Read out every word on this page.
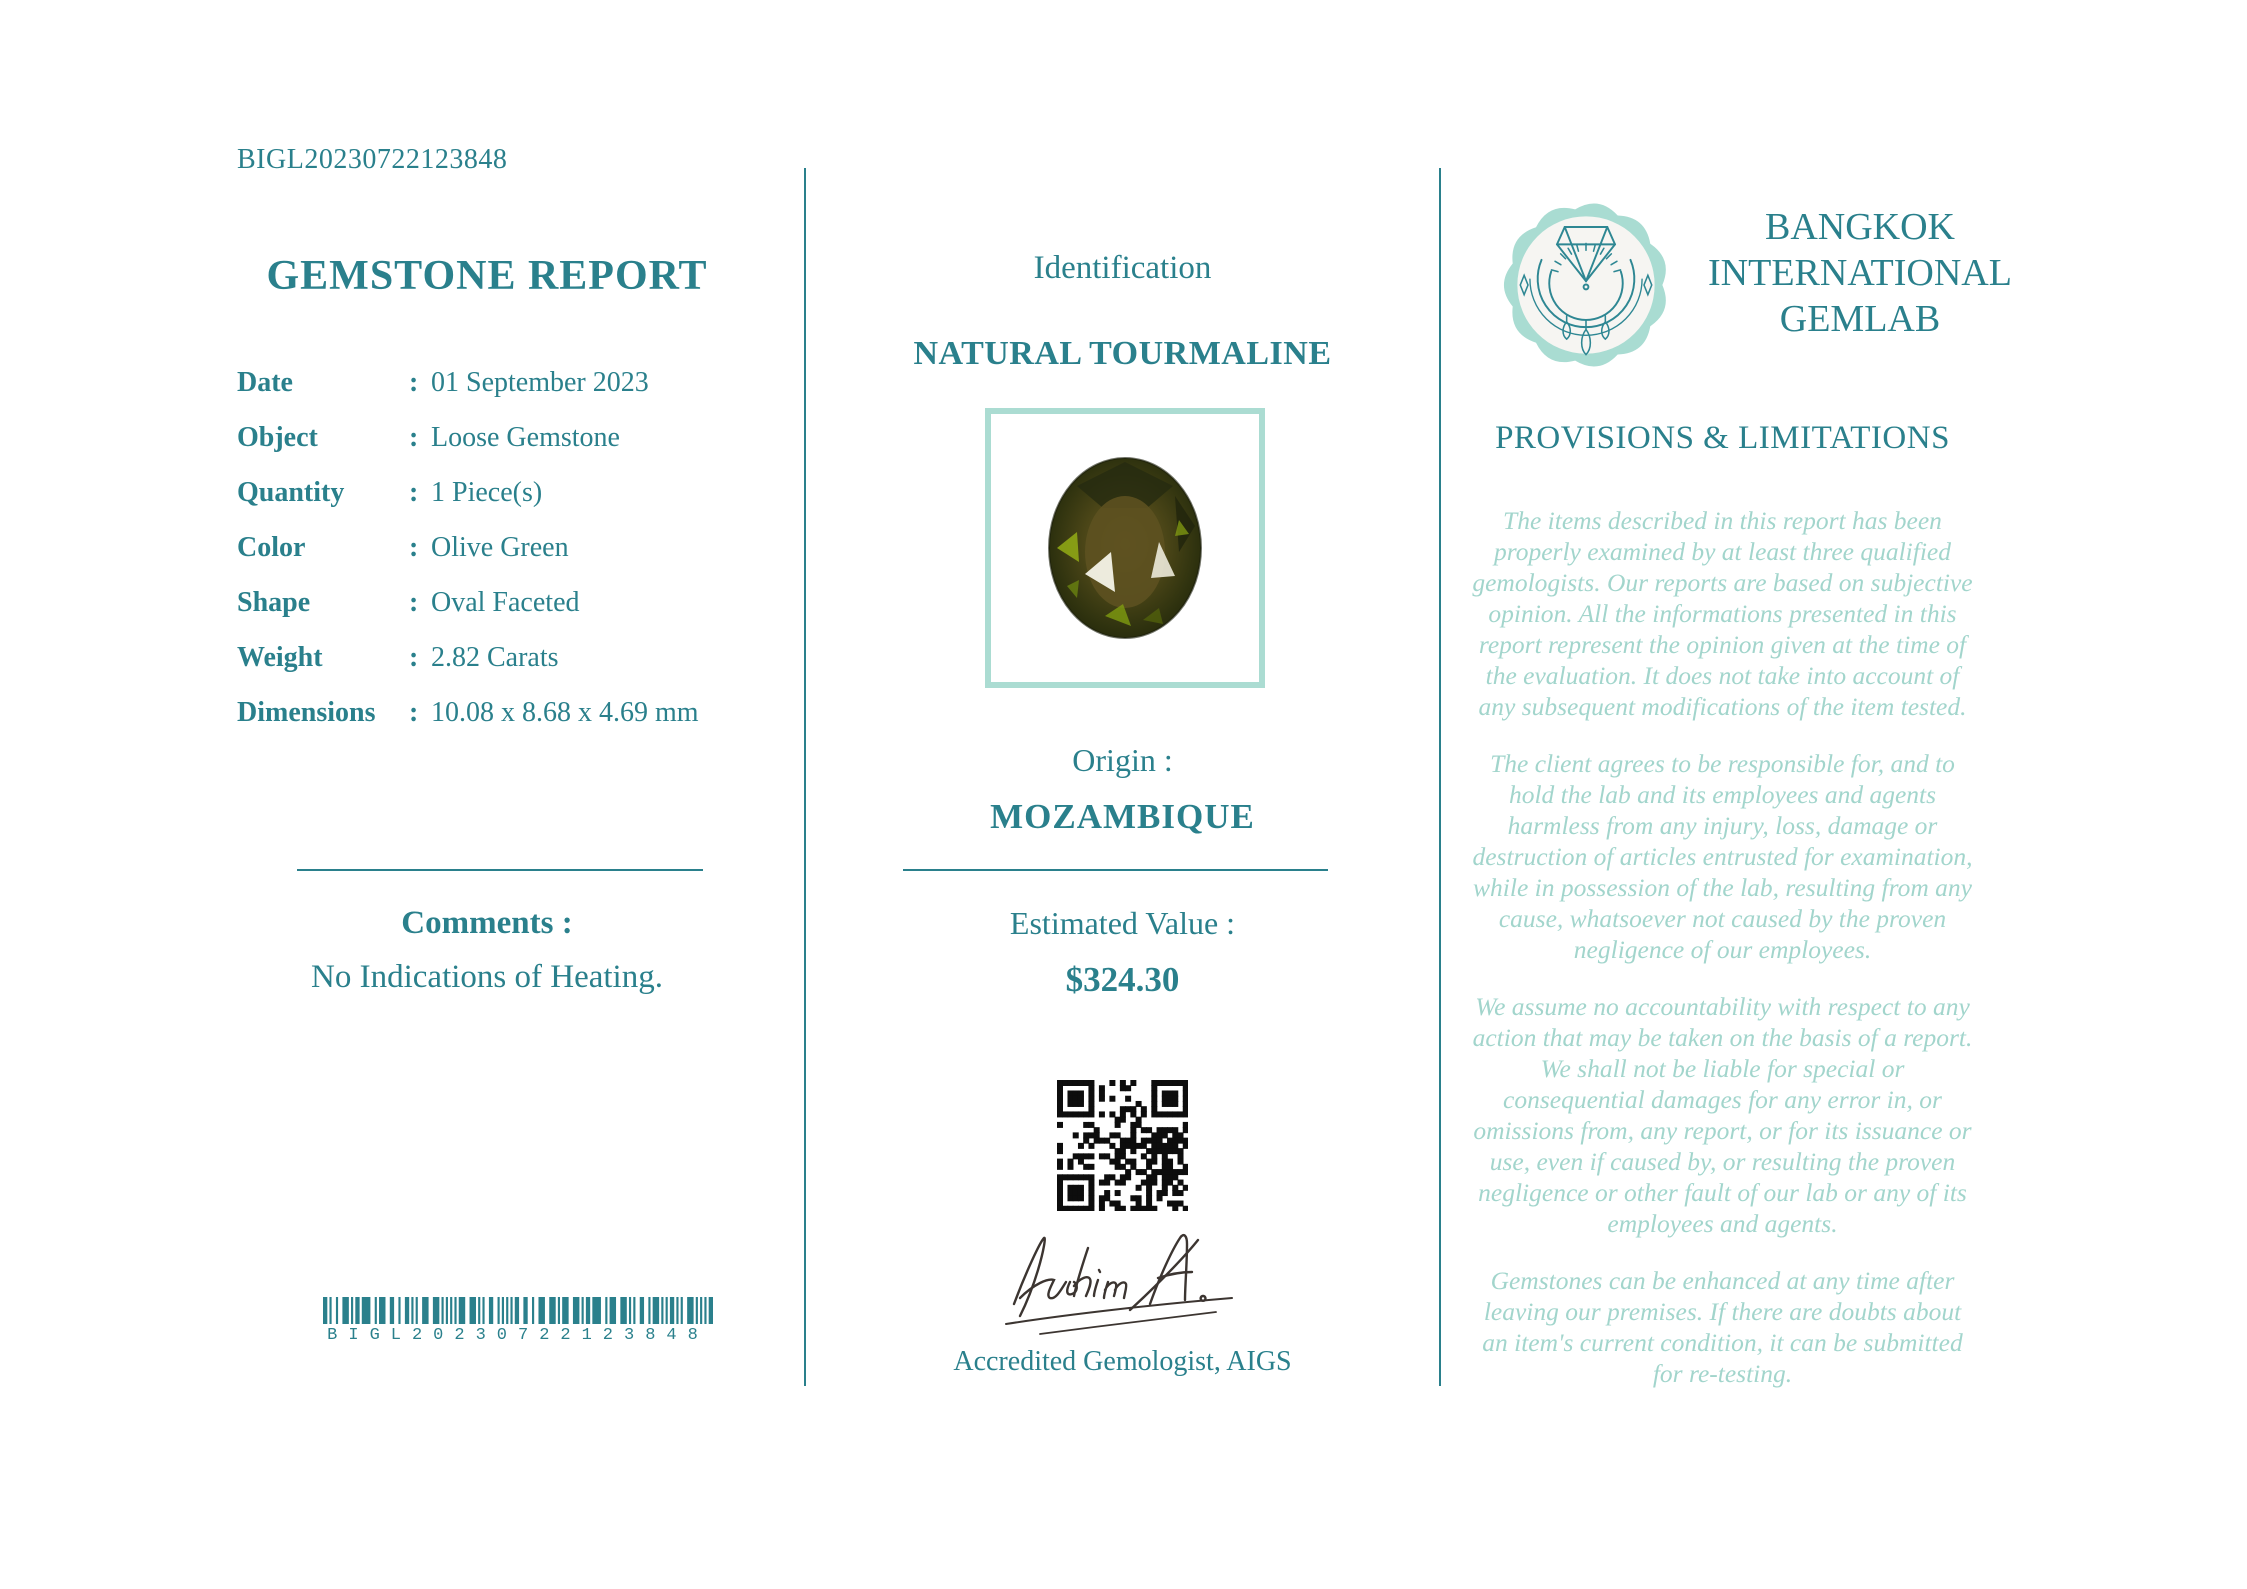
BIGL20230722123848
GEMSTONE REPORT
Date	: 01 September 2023
Object	: Loose Gemstone
Quantity	: 1 Piece(s)
Color	: Olive Green
Shape	: Oval Faceted
Weight	: 2.82 Carats
Dimensions	: 10.08 x 8.68 x 4.69 mm
Comments :
No Indications of Heating.
BIGL20230722123848
Identification
NATURAL TOURMALINE
Origin :
MOZAMBIQUE
Estimated Value :
$324.30
Accredited Gemologist, AIGS
BANGKOK
INTERNATIONAL
GEMLAB
PROVISIONS & LIMITATIONS

The items described in this report has been properly examined by at least three qualified gemologists. Our reports are based on subjective opinion. All the informations presented in this report represent the opinion given at the time of the evaluation. It does not take into account of any subsequent modifications of the item tested.

The client agrees to be responsible for, and to hold the lab and its employees and agents harmless from any injury, loss, damage or destruction of articles entrusted for examination, while in possession of the lab, resulting from any cause, whatsoever not caused by the proven negligence of our employees.

We assume no accountability with respect to any action that may be taken on the basis of a report. We shall not be liable for special or consequential damages for any error in, or omissions from, any report, or for its issuance or use, even if caused by, or resulting the proven negligence or other fault of our lab or any of its employees and agents.

Gemstones can be enhanced at any time after leaving our premises. If there are doubts about an item's current condition, it can be submitted for re-testing.
